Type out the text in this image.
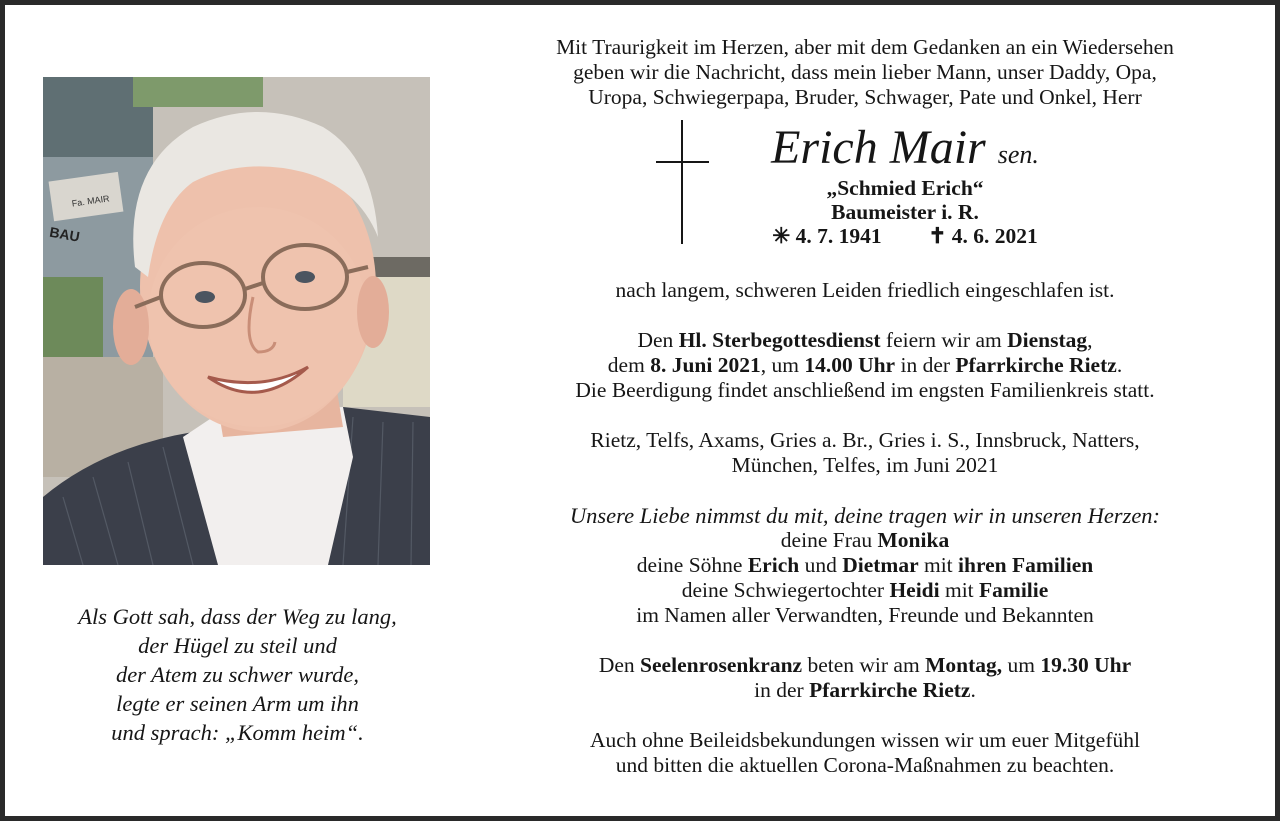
Fa. MAIR
BAU
Als Gott sah, dass der Weg zu lang,
der Hügel zu steil und
der Atem zu schwer wurde,
legte er seinen Arm um ihn
und sprach: „Komm heim“.
Mit Traurigkeit im Herzen, aber mit dem Gedanken an ein Wiedersehen
geben wir die Nachricht, dass mein lieber Mann, unser Daddy, Opa,
Uropa, Schwiegerpapa, Bruder, Schwager, Pate und Onkel, Herr
Erich Mair sen.
„Schmied Erich“
Baumeister i. R.
✳ 4. 7. 1941 ✝ 4. 6. 2021
nach langem, schweren Leiden friedlich eingeschlafen ist.
Den Hl. Sterbegottesdienst feiern wir am Dienstag,
dem 8. Juni 2021, um 14.00 Uhr in der Pfarrkirche Rietz.
Die Beerdigung findet anschließend im engsten Familienkreis statt.
Rietz, Telfs, Axams, Gries a. Br., Gries i. S., Innsbruck, Natters,
München, Telfes, im Juni 2021
Unsere Liebe nimmst du mit, deine tragen wir in unseren Herzen:
deine Frau Monika
deine Söhne Erich und Dietmar mit ihren Familien
deine Schwiegertochter Heidi mit Familie
im Namen aller Verwandten, Freunde und Bekannten
Den Seelenrosenkranz beten wir am Montag, um 19.30 Uhr
in der Pfarrkirche Rietz.
Auch ohne Beileidsbekundungen wissen wir um euer Mitgefühl
und bitten die aktuellen Corona-Maßnahmen zu beachten.
